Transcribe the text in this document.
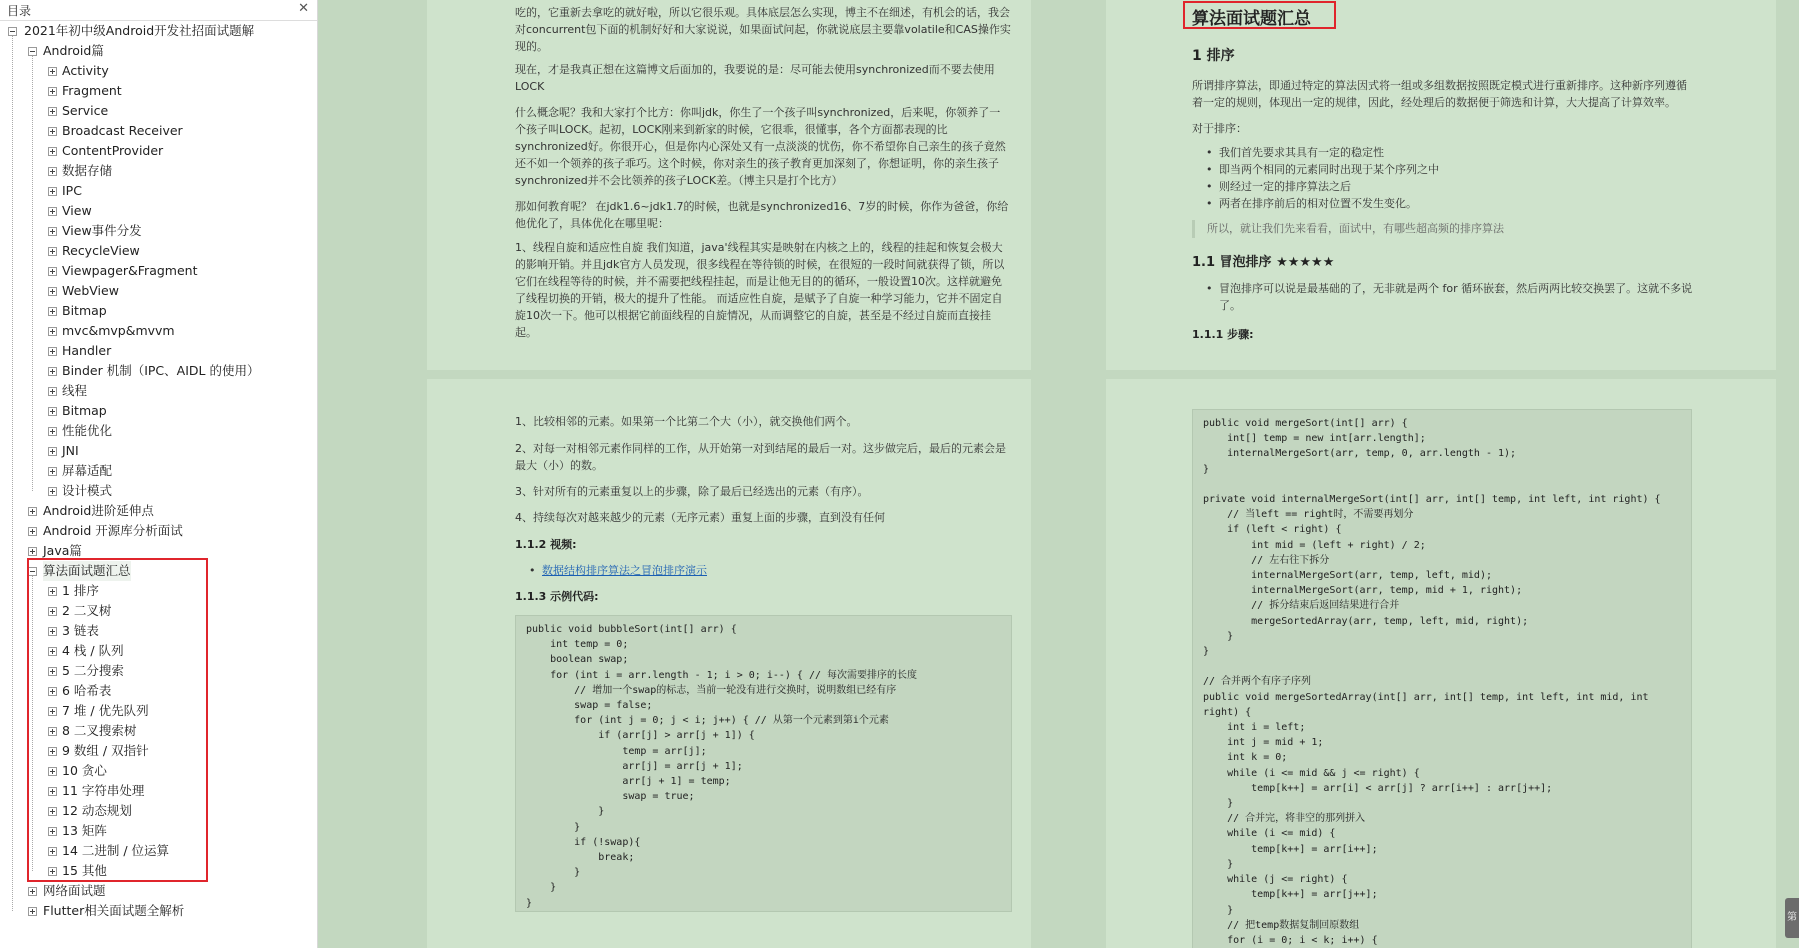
目录	✕
2021年初中级Android开发社招面试题解
Android篇
Activity
Fragment
Service
Broadcast Receiver
ContentProvider
数据存储
IPC
View
View事件分发
RecycleView
Viewpager&Fragment
WebView
Bitmap
mvc&mvp&mvvm
Handler
Binder 机制（IPC、AIDL 的使用）
线程
Bitmap
性能优化
JNI
屏幕适配
设计模式
Android进阶延伸点
Android 开源库分析面试
Java篇
算法面试题汇总
1 排序
2 二叉树
3 链表
4 栈 / 队列
5 二分搜索
6 哈希表
7 堆 / 优先队列
8 二叉搜索树
9 数组 / 双指针
10 贪心
11 字符串处理
12 动态规划
13 矩阵
14 二进制 / 位运算
15 其他
网络面试题
Flutter相关面试题全解析
吃的，它重新去拿吃的就好啦，所以它很乐观。具体底层怎么实现，博主不在细述，有机会的话，我会对concurrent包下面的机制好好和大家说说，如果面试问起，你就说底层主要靠volatile和CAS操作实现的。
现在，才是我真正想在这篇博文后面加的，我要说的是：尽可能去使用synchronized而不要去使用LOCK
什么概念呢？我和大家打个比方：你叫jdk，你生了一个孩子叫synchronized，后来呢，你领养了一个孩子叫LOCK。起初，LOCK刚来到新家的时候，它很乖，很懂事，各个方面都表现的比synchronized好。你很开心，但是你内心深处又有一点淡淡的忧伤，你不希望你自己亲生的孩子竟然还不如一个领养的孩子乖巧。这个时候，你对亲生的孩子教育更加深刻了，你想证明，你的亲生孩子synchronized并不会比领养的孩子LOCK差。（博主只是打个比方）
那如何教育呢？ 在jdk1.6~jdk1.7的时候，也就是synchronized16、7岁的时候，你作为爸爸，你给他优化了，具体优化在哪里呢：
1、线程自旋和适应性自旋 我们知道，java'线程其实是映射在内核之上的，线程的挂起和恢复会极大的影响开销。并且jdk官方人员发现，很多线程在等待锁的时候，在很短的一段时间就获得了锁，所以它们在线程等待的时候，并不需要把线程挂起，而是让他无目的的循环，一般设置10次。这样就避免了线程切换的开销，极大的提升了性能。 而适应性自旋，是赋予了自旋一种学习能力，它并不固定自旋10次一下。他可以根据它前面线程的自旋情况，从而调整它的自旋，甚至是不经过自旋而直接挂起。
算法面试题汇总
1 排序
所谓排序算法，即通过特定的算法因式将一组或多组数据按照既定模式进行重新排序。这种新序列遵循着一定的规则，体现出一定的规律，因此，经处理后的数据便于筛选和计算，大大提高了计算效率。
对于排序：
• 我们首先要求其具有一定的稳定性
• 即当两个相同的元素同时出现于某个序列之中
• 则经过一定的排序算法之后
• 两者在排序前后的相对位置不发生变化。
所以，就让我们先来看看，面试中，有哪些超高频的排序算法
1.1 冒泡排序 ★★★★★
• 冒泡排序可以说是最基础的了，无非就是两个 for 循环嵌套，然后两两比较交换罢了。这就不多说了。
1.1.1 步骤:
1、比较相邻的元素。如果第一个比第二个大（小），就交换他们两个。
2、对每一对相邻元素作同样的工作，从开始第一对到结尾的最后一对。这步做完后，最后的元素会是最大（小）的数。
3、针对所有的元素重复以上的步骤，除了最后已经选出的元素（有序）。
4、持续每次对越来越少的元素（无序元素）重复上面的步骤，直到没有任何
1.1.2 视频:
• 数据结构排序算法之冒泡排序演示
1.1.3 示例代码:
public void bubbleSort(int[] arr) {
int temp = 0;
boolean swap;
for (int i = arr.length - 1; i > 0; i--) { // 每次需要排序的长度
// 增加一个swap的标志，当前一轮没有进行交换时，说明数组已经有序
swap = false;
for (int j = 0; j < i; j++) { // 从第一个元素到第i个元素
if (arr[j] > arr[j + 1]) {
temp = arr[j];
arr[j] = arr[j + 1];
arr[j + 1] = temp;
swap = true;
}
}
if (!swap){
break;
}
}
}
public void mergeSort(int[] arr) {
int[] temp = new int[arr.length];
internalMergeSort(arr, temp, 0, arr.length - 1);
}

private void internalMergeSort(int[] arr, int[] temp, int left, int right) {
// 当left == right时，不需要再划分
if (left < right) {
int mid = (left + right) / 2;
// 左右往下拆分
internalMergeSort(arr, temp, left, mid);
internalMergeSort(arr, temp, mid + 1, right);
// 拆分结束后返回结果进行合并
mergeSortedArray(arr, temp, left, mid, right);
}
}

// 合并两个有序子序列
public void mergeSortedArray(int[] arr, int[] temp, int left, int mid, int
right) {
int i = left;
int j = mid + 1;
int k = 0;
while (i <= mid && j <= right) {
temp[k++] = arr[i] < arr[j] ? arr[i++] : arr[j++];
}
// 合并完，将非空的那列拼入
while (i <= mid) {
temp[k++] = arr[i++];
}
while (j <= right) {
temp[k++] = arr[j++];
}
// 把temp数据复制回原数组
for (i = 0; i < k; i++) {
第
